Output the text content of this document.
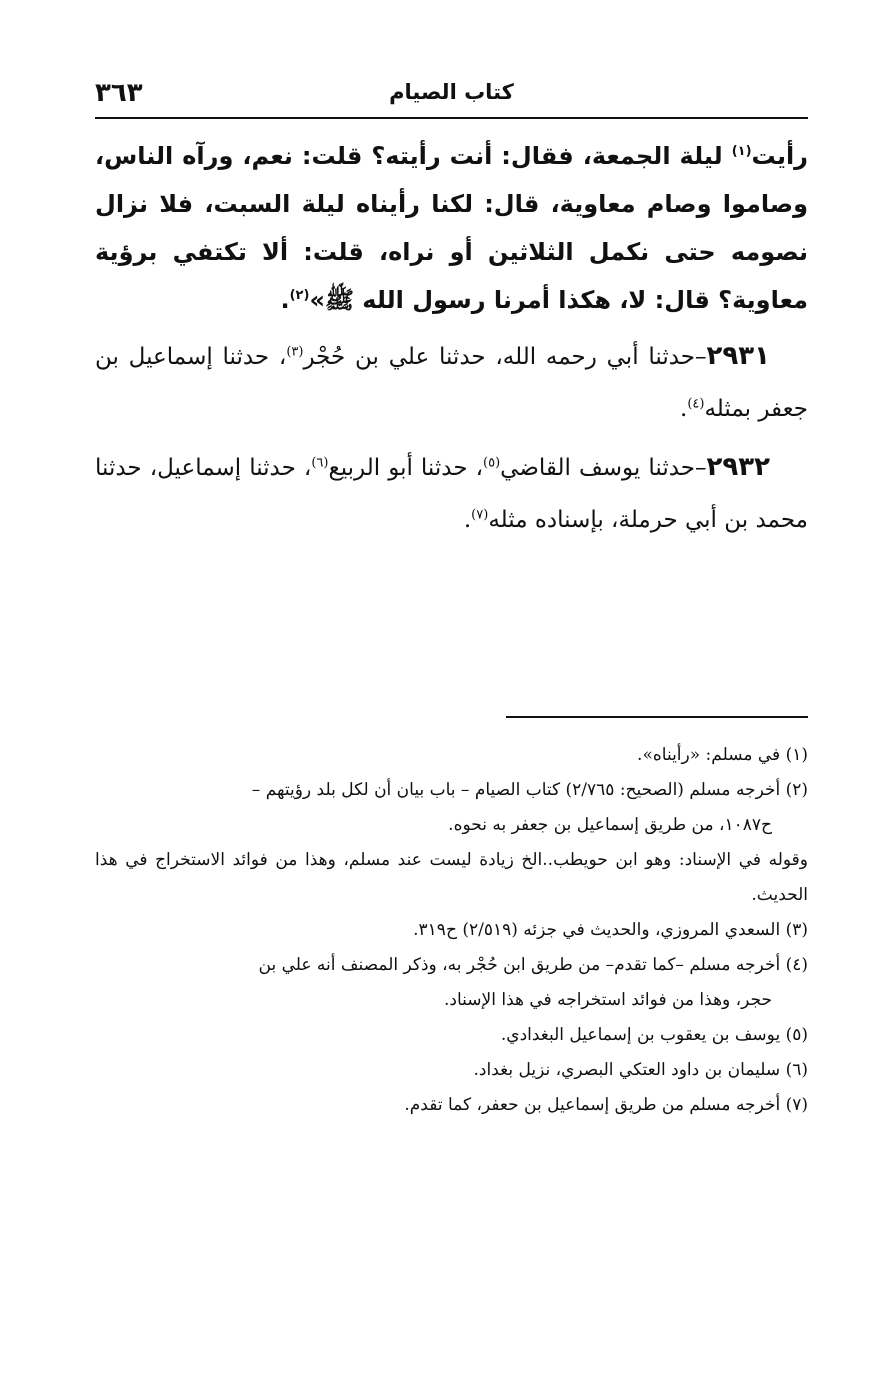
كتاب الصيام
٣٦٣

رأيت$^{(١)}$ ليلة الجمعة، فقال: أنت رأيته؟ قلت: نعم، ورآه الناس، وصاموا وصام معاوية، قال: لكنا رأيناه ليلة السبت، فلا نزال نصومه حتى نكمل الثلاثين أو نراه، قلت: ألا تكتفي برؤية معاوية؟ قال: لا، هكذا أمرنا رسول الله ﷺ»$^{(٢)}$.

٢٩٣١–حدثنا أبي رحمه الله، حدثنا علي بن حُجْر$^{(٣)}$، حدثنا إسماعيل بن جعفر بمثله$^{(٤)}$.

٢٩٣٢–حدثنا يوسف القاضي$^{(٥)}$، حدثنا أبو الربيع$^{(٦)}$، حدثنا إسماعيل، حدثنا محمد بن أبي حرملة، بإسناده مثله$^{(٧)}$.

(١) في مسلم: «رأيناه».

(٢) أخرجه مسلم (الصحيح: ٢/٧٦٥) كتاب الصيام – باب بيان أن لكل بلد رؤيتهم –
ح١٠٨٧، من طريق إسماعيل بن جعفر به نحوه.

وقوله في الإسناد: وهو ابن حويطب..الخ زيادة ليست عند مسلم، وهذا من فوائد الاستخراج في هذا الحديث.

(٣) السعدي المروزي، والحديث في جزئه (٢/٥١٩) ح٣١٩.

(٤) أخرجه مسلم –كما تقدم– من طريق ابن حُجْر به، وذكر المصنف أنه علي بن
حجر، وهذا من فوائد استخراجه في هذا الإسناد.

(٥) يوسف بن يعقوب بن إسماعيل البغدادي.

(٦) سليمان بن داود العتكي البصري، نزيل بغداد.

(٧) أخرجه مسلم من طريق إسماعيل بن حعفر، كما تقدم.
